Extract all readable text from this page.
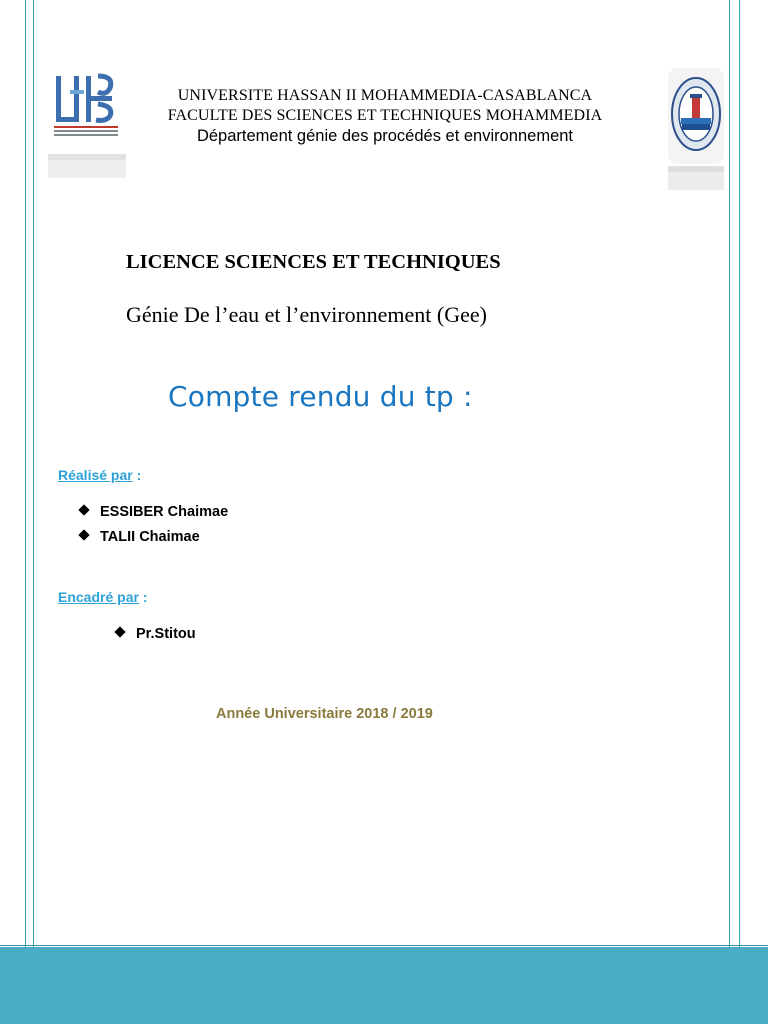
UNIVERSITE HASSAN II MOHAMMEDIA-CASABLANCA
FACULTE DES SCIENCES ET TECHNIQUES MOHAMMEDIA
Département génie des procédés et environnement
LICENCE SCIENCES ET TECHNIQUES
Génie De l’eau et l’environnement (Gee)
Compte rendu du tp :
Réalisé par :
ESSIBER Chaimae
TALII Chaimae
Encadré par :
Pr.Stitou
Année Universitaire 2018 / 2019
